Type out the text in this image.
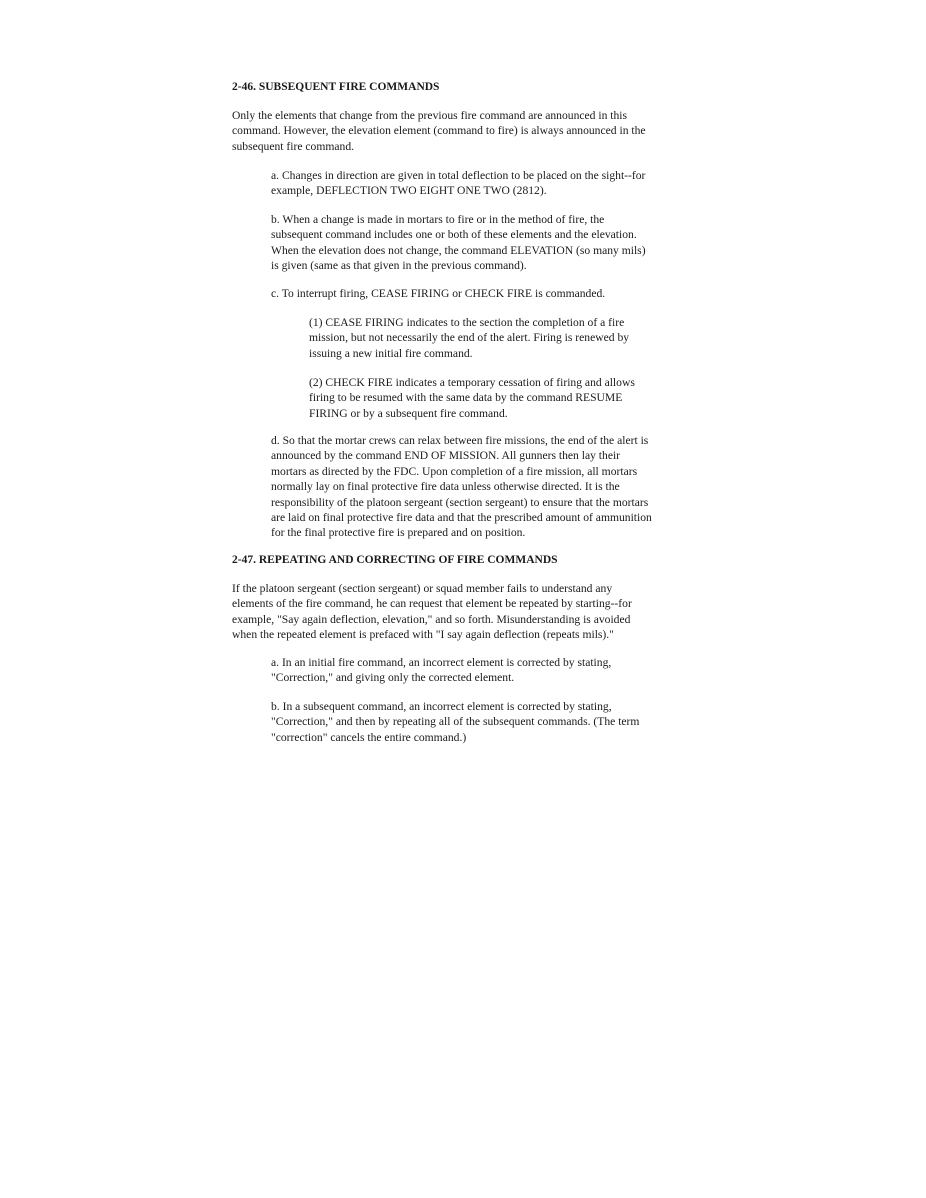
2-46. SUBSEQUENT FIRE COMMANDS
Only the elements that change from the previous fire command are announced in this
command. However, the elevation element (command to fire) is always announced in the
subsequent fire command.
a. Changes in direction are given in total deflection to be placed on the sight--for
example, DEFLECTION TWO EIGHT ONE TWO (2812).
b. When a change is made in mortars to fire or in the method of fire, the
subsequent command includes one or both of these elements and the elevation.
When the elevation does not change, the command ELEVATION (so many mils)
is given (same as that given in the previous command).
c. To interrupt firing, CEASE FIRING or CHECK FIRE is commanded.
(1) CEASE FIRING indicates to the section the completion of a fire
mission, but not necessarily the end of the alert. Firing is renewed by
issuing a new initial fire command.
(2) CHECK FIRE indicates a temporary cessation of firing and allows
firing to be resumed with the same data by the command RESUME
FIRING or by a subsequent fire command.
d. So that the mortar crews can relax between fire missions, the end of the alert is
announced by the command END OF MISSION. All gunners then lay their
mortars as directed by the FDC. Upon completion of a fire mission, all mortars
normally lay on final protective fire data unless otherwise directed. It is the
responsibility of the platoon sergeant (section sergeant) to ensure that the mortars
are laid on final protective fire data and that the prescribed amount of ammunition
for the final protective fire is prepared and on position.
2-47. REPEATING AND CORRECTING OF FIRE COMMANDS
If the platoon sergeant (section sergeant) or squad member fails to understand any
elements of the fire command, he can request that element be repeated by starting--for
example, "Say again deflection, elevation," and so forth. Misunderstanding is avoided
when the repeated element is prefaced with "I say again deflection (repeats mils)."
a. In an initial fire command, an incorrect element is corrected by stating,
"Correction," and giving only the corrected element.
b. In a subsequent command, an incorrect element is corrected by stating,
"Correction," and then by repeating all of the subsequent commands. (The term
"correction" cancels the entire command.)
